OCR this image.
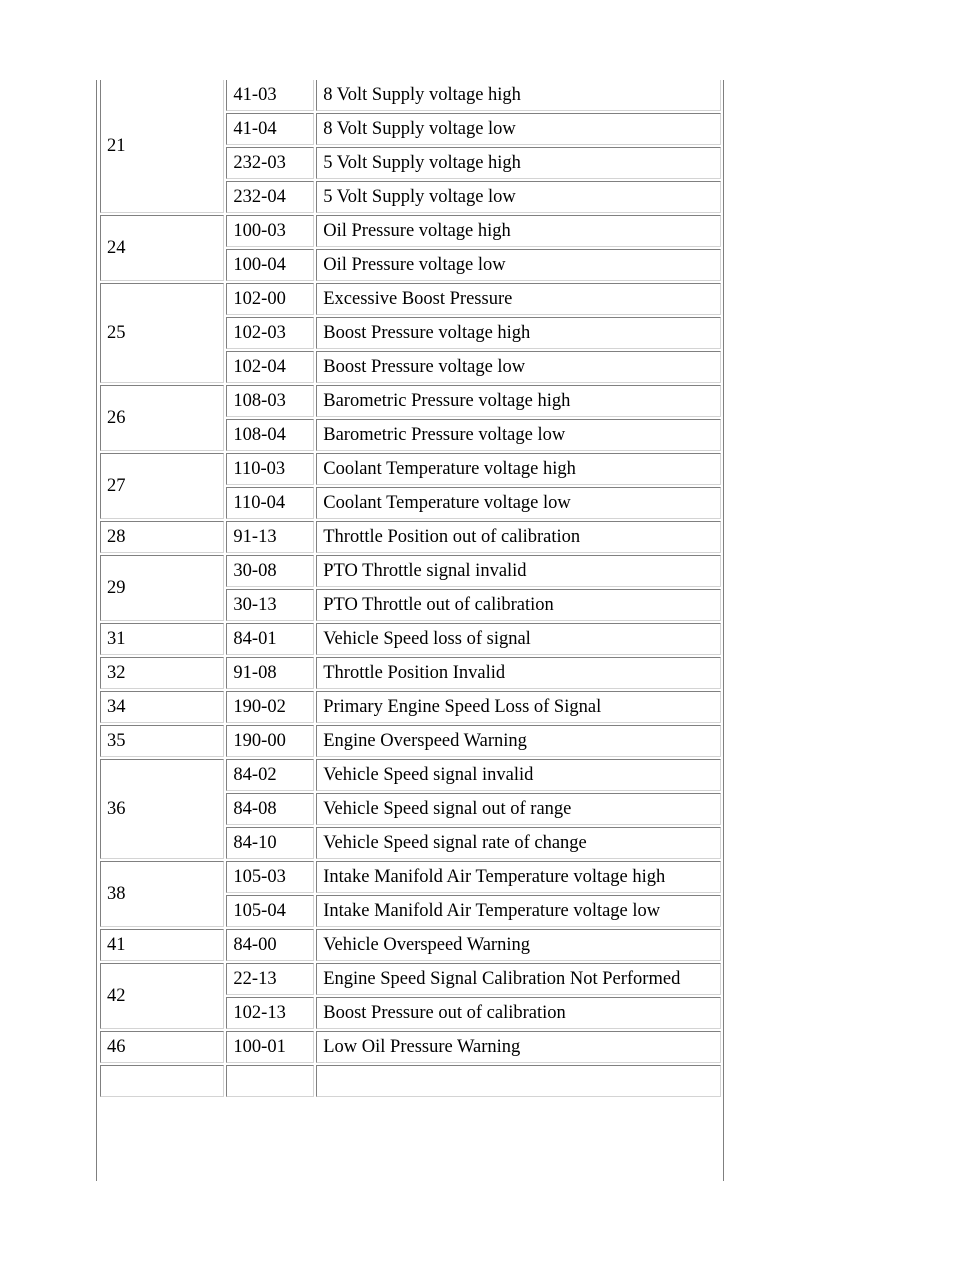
21	41-03	8 Volt Supply voltage high
	41-04	8 Volt Supply voltage low
	232-03	5 Volt Supply voltage high
	232-04	5 Volt Supply voltage low
24	100-03	Oil Pressure voltage high
	100-04	Oil Pressure voltage low
25	102-00	Excessive Boost Pressure
	102-03	Boost Pressure voltage high
	102-04	Boost Pressure voltage low
26	108-03	Barometric Pressure voltage high
	108-04	Barometric Pressure voltage low
27	110-03	Coolant Temperature voltage high
	110-04	Coolant Temperature voltage low
28	91-13	Throttle Position out of calibration
29	30-08	PTO Throttle signal invalid
	30-13	PTO Throttle out of calibration
31	84-01	Vehicle Speed loss of signal
32	91-08	Throttle Position Invalid
34	190-02	Primary Engine Speed Loss of Signal
35	190-00	Engine Overspeed Warning
36	84-02	Vehicle Speed signal invalid
	84-08	Vehicle Speed signal out of range
	84-10	Vehicle Speed signal rate of change
38	105-03	Intake Manifold Air Temperature voltage high
	105-04	Intake Manifold Air Temperature voltage low
41	84-00	Vehicle Overspeed Warning
42	22-13	Engine Speed Signal Calibration Not Performed
	102-13	Boost Pressure out of calibration
46	100-01	Low Oil Pressure Warning
